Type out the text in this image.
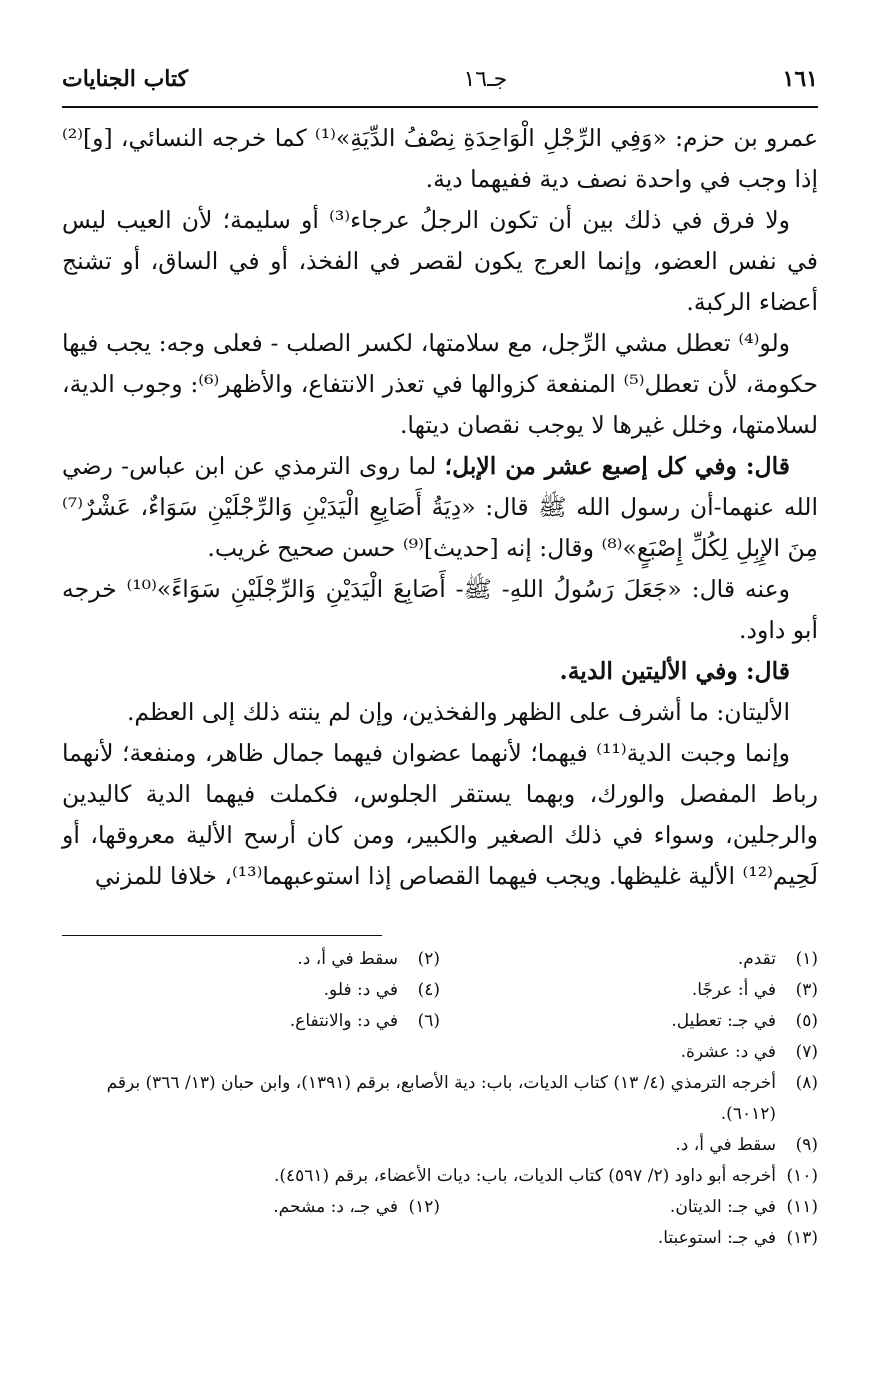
١٦١
جـ١٦
كتاب الجنايات

عمرو بن حزم: «وَفِي الرِّجْلِ الْوَاحِدَةِ نِصْفُ الدِّيَةِ»⁽¹⁾ كما خرجه النسائي، [و]⁽²⁾ إذا وجب في واحدة نصف دية ففيهما دية.

ولا فرق في ذلك بين أن تكون الرجلُ عرجاء⁽³⁾ أو سليمة؛ لأن العيب ليس في نفس العضو، وإنما العرج يكون لقصر في الفخذ، أو في الساق، أو تشنج أعضاء الركبة.

ولو⁽⁴⁾ تعطل مشي الرِّجل، مع سلامتها، لكسر الصلب - فعلى وجه: يجب فيها حكومة، لأن تعطل⁽⁵⁾ المنفعة كزوالها في تعذر الانتفاع، والأظهر⁽⁶⁾: وجوب الدية، لسلامتها، وخلل غيرها لا يوجب نقصان ديتها.

قال: وفي كل إصبع عشر من الإبل؛ لما روى الترمذي عن ابن عباس- رضي الله عنهما-أن رسول الله ﷺ قال: «دِيَةُ أَصَابِعِ الْيَدَيْنِ وَالرِّجْلَيْنِ سَوَاءٌ، عَشْرٌ⁽⁷⁾ مِنَ الإِبِلِ لِكُلِّ إِصْبَعٍ»⁽⁸⁾ وقال: إنه [حديث]⁽⁹⁾ حسن صحيح غريب.

وعنه قال: «جَعَلَ رَسُولُ اللهِ- ﷺ- أَصَابِعَ الْيَدَيْنِ وَالرِّجْلَيْنِ سَوَاءً»⁽¹⁰⁾ خرجه أبو داود.

قال: وفي الأليتين الدية.

الأليتان: ما أشرف على الظهر والفخذين، وإن لم ينته ذلك إلى العظم.

وإنما وجبت الدية⁽¹¹⁾ فيهما؛ لأنهما عضوان فيهما جمال ظاهر، ومنفعة؛ لأنهما رباط المفصل والورك، وبهما يستقر الجلوس، فكملت فيهما الدية كاليدين والرجلين، وسواء في ذلك الصغير والكبير، ومن كان أرسح الألية معروقها، أو لَحِيم⁽¹²⁾ الألية غليظها. ويجب فيهما القصاص إذا استوعبهما⁽¹³⁾، خلافا للمزني

(١)
تقدم.
(٢)
سقط في أ، د.
(٣)
في أ: عرجًا.
(٤)
في د: فلو.
(٥)
في جـ: تعطيل.
(٦)
في د: والانتفاع.
(٧)
في د: عشرة.
(٨)
أخرجه الترمذي (٤/ ١٣) كتاب الديات، باب: دية الأصابع، برقم (١٣٩١)، وابن حبان (١٣/ ٣٦٦) برقم (٦٠١٢).
(٩)
سقط في أ، د.
(١٠)
أخرجه أبو داود (٢/ ٥٩٧) كتاب الديات، باب: ديات الأعضاء، برقم (٤٥٦١).
(١١)
في جـ: الديتان.
(١٢)
في جـ، د: مشحم.
(١٣)
في جـ: استوعبتا.
